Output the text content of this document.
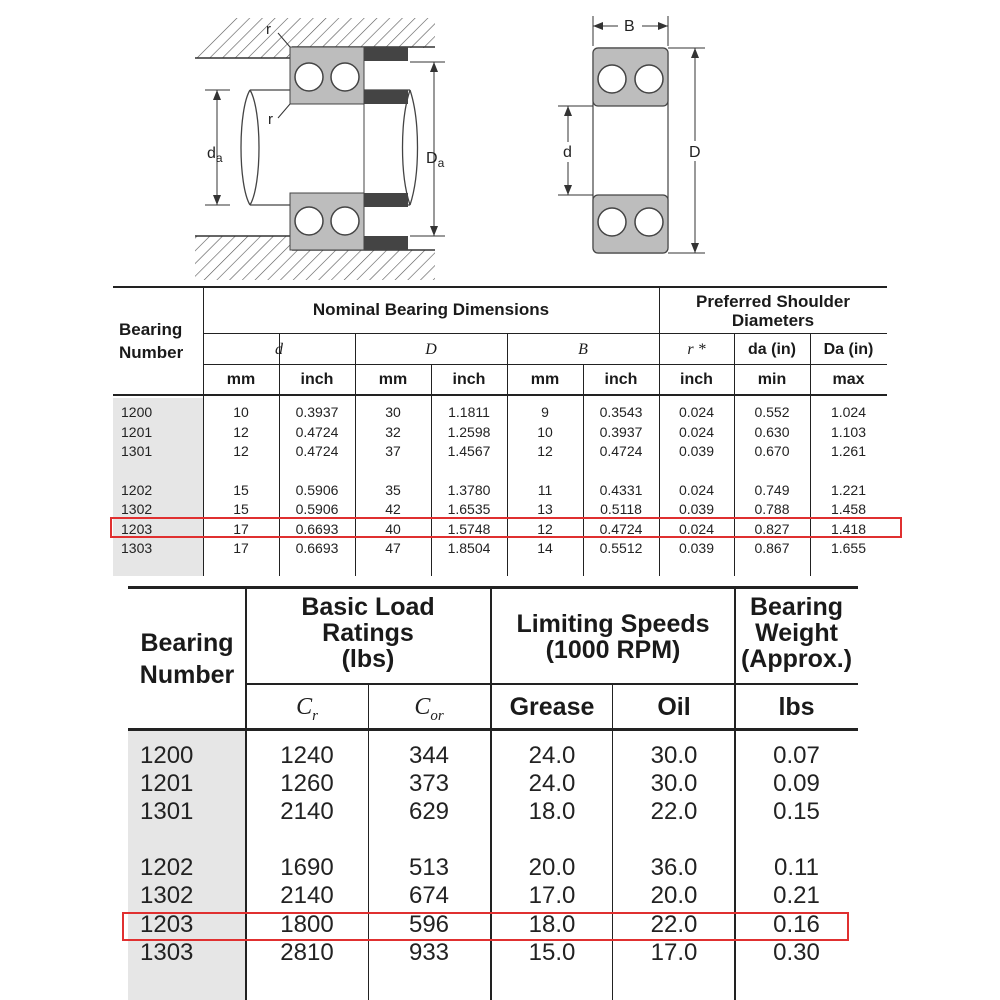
r
r
$d_a$	$D_a$
B
d	D
Bearing Number
Nominal Bearing Dimensions	Preferred Shoulder Diameters
d	D	B	r *	da (in)	Da (in)
mm	inch	mm	inch	mm	inch	inch	min	max
1200	10	0.3937	30	1.1811	9	0.3543	0.024	0.552	1.024
1201	12	0.4724	32	1.2598	10	0.3937	0.024	0.630	1.103
1301	12	0.4724	37	1.4567	12	0.4724	0.039	0.670	1.261
1202	15	0.5906	35	1.3780	11	0.4331	0.024	0.749	1.221
1302	15	0.5906	42	1.6535	13	0.5118	0.039	0.788	1.458
1203	17	0.6693	40	1.5748	12	0.4724	0.024	0.827	1.418
1303	17	0.6693	47	1.8504	14	0.5512	0.039	0.867	1.655
Bearing
Number
Basic Load
Ratings
(lbs)
Limiting Speeds
(1000 RPM)
Bearing
Weight
(Approx.)
$C_r$	$C_{or}$	Grease	Oil	lbs
1200	1240	344	24.0	30.0	0.07
1201	1260	373	24.0	30.0	0.09
1301	2140	629	18.0	22.0	0.15
1202	1690	513	20.0	36.0	0.11
1302	2140	674	17.0	20.0	0.21
1203	1800	596	18.0	22.0	0.16
1303	2810	933	15.0	17.0	0.30
